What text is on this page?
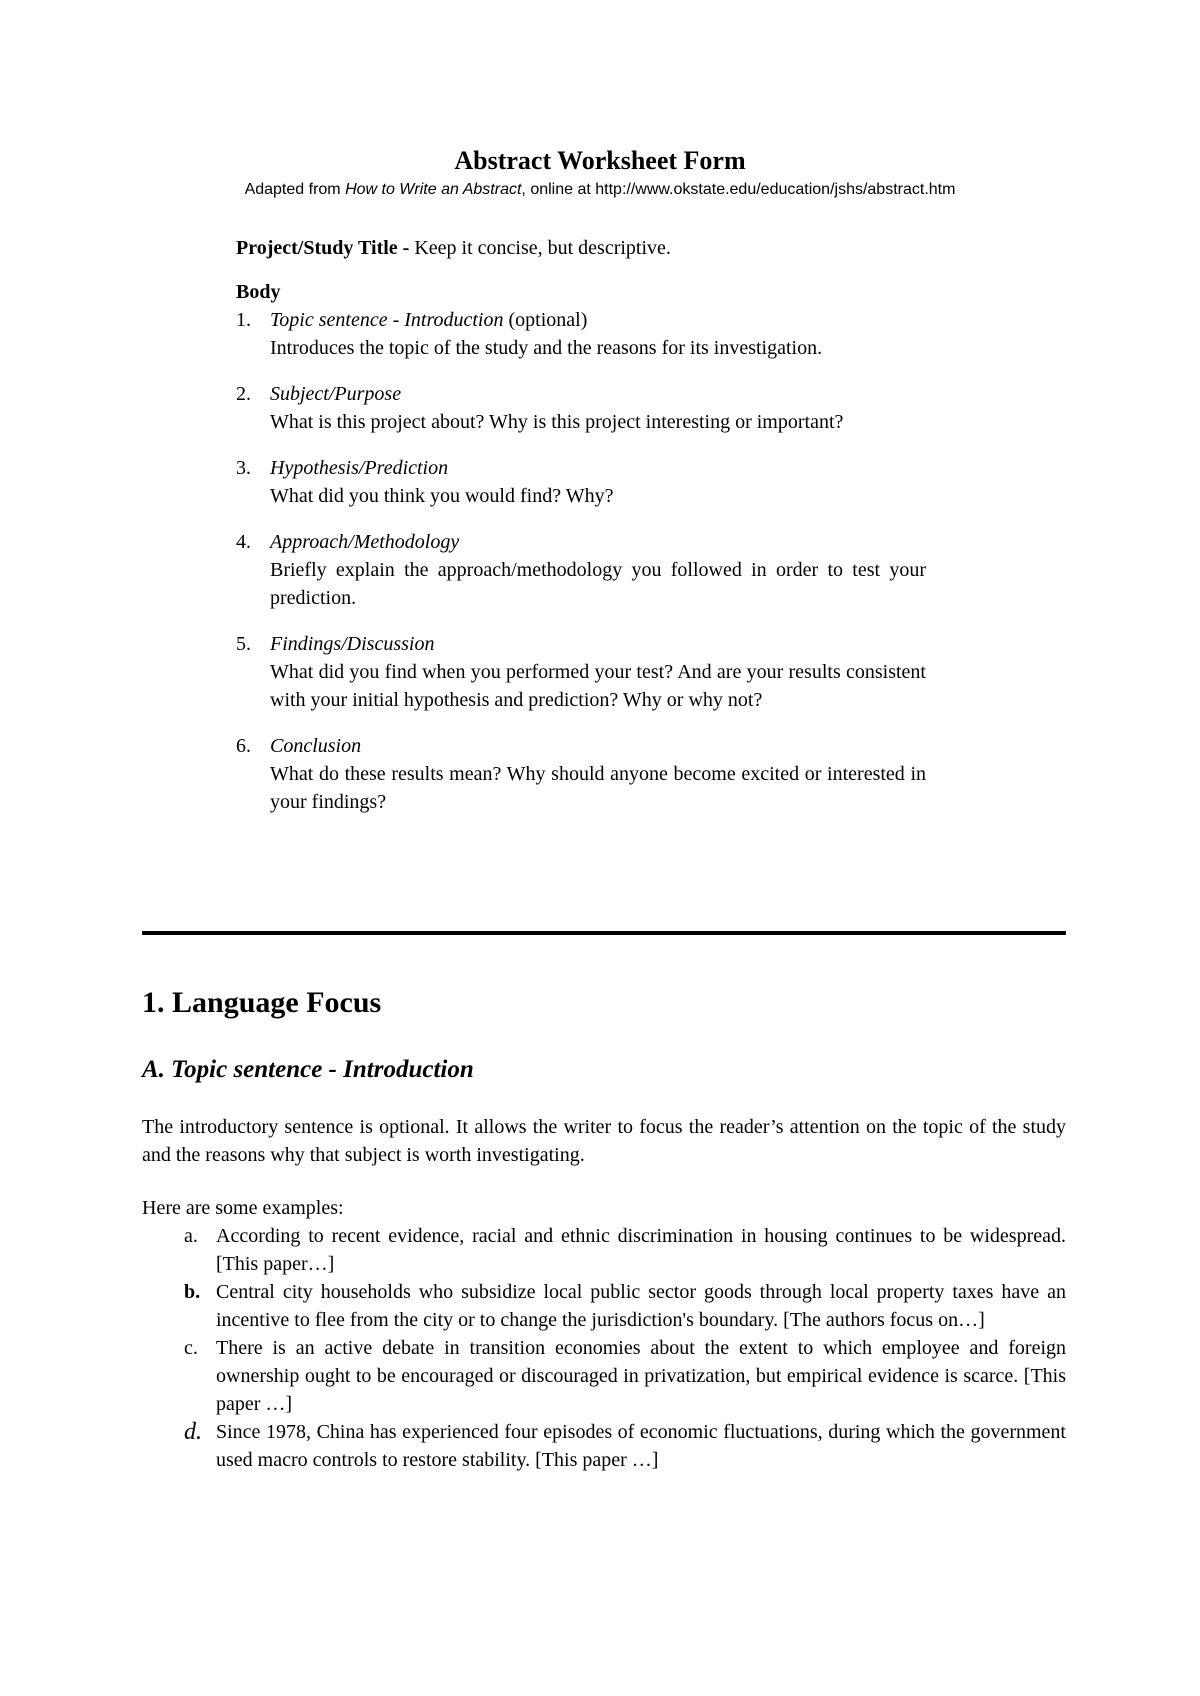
Abstract Worksheet Form
Adapted from How to Write an Abstract, online at http://www.okstate.edu/education/jshs/abstract.htm

Project/Study Title - Keep it concise, but descriptive.

Body

1. Topic sentence - Introduction (optional)
Introduces the topic of the study and the reasons for its investigation.
2. Subject/Purpose
What is this project about? Why is this project interesting or important?
3. Hypothesis/Prediction
What did you think you would find? Why?
4. Approach/Methodology
Briefly explain the approach/methodology you followed in order to test your prediction.
5. Findings/Discussion
What did you find when you performed your test? And are your results consistent with your initial hypothesis and prediction? Why or why not?
6. Conclusion
What do these results mean? Why should anyone become excited or interested in your findings?
1. Language Focus
A. Topic sentence - Introduction

The introductory sentence is optional. It allows the writer to focus the reader’s attention on the topic of the study and the reasons why that subject is worth investigating.

Here are some examples:

a. According to recent evidence, racial and ethnic discrimination in housing continues to be widespread. [This paper…]
b. Central city households who subsidize local public sector goods through local property taxes have an incentive to flee from the city or to change the jurisdiction's boundary. [The authors focus on…]
c. There is an active debate in transition economies about the extent to which employee and foreign ownership ought to be encouraged or discouraged in privatization, but empirical evidence is scarce. [This paper …]
d. Since 1978, China has experienced four episodes of economic fluctuations, during which the government used macro controls to restore stability. [This paper …]
